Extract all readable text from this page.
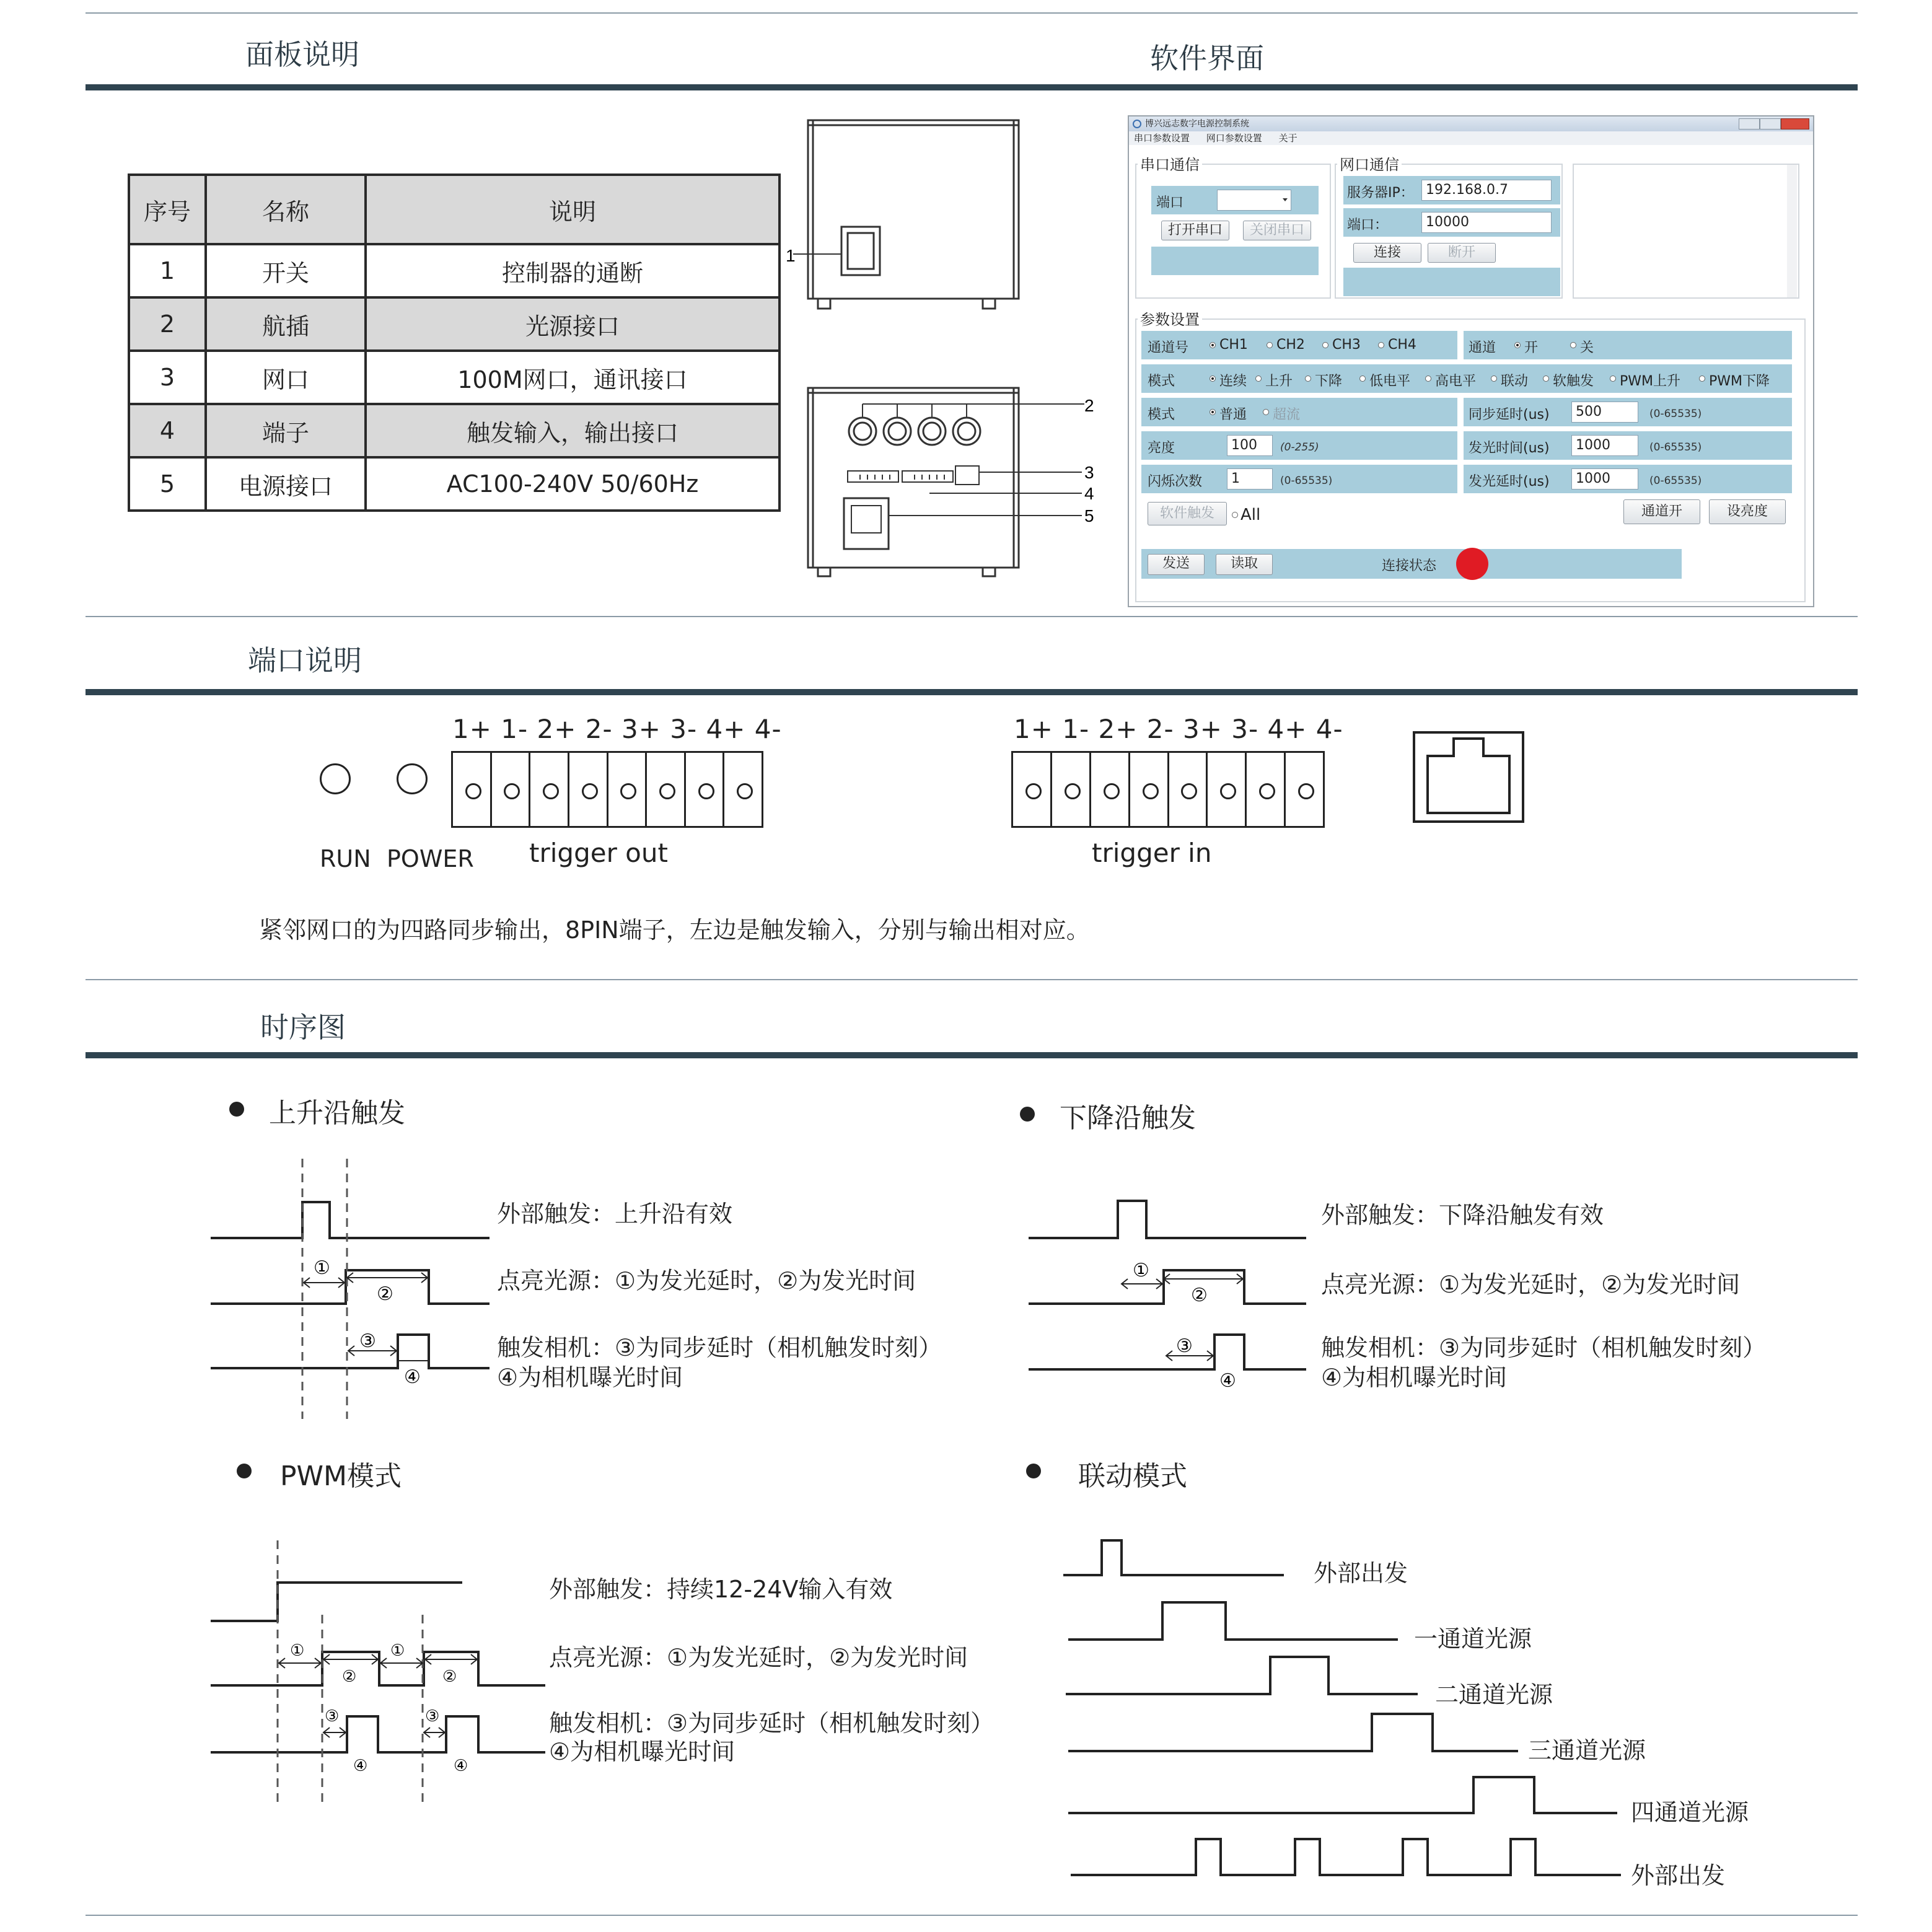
面板说明	软件界面
端口说明
时序图
序号	名称	说明
1	开关	控制器的通断
2	航插	光源接口
3	网口	100M网口，通讯接口
4	端子	触发输入，输出接口
5	电源接口	AC100-240V 50/60Hz
1
2
3
4
5
博兴远志数字电源控制系统
串口参数设置 网口参数设置 关于
串口通信
端口
打开串口	关闭串口
网口通信
服务器IP： 192.168.0.7
端口：	10000
连接	断开
参数设置
通道号 CH1 CH2 CH3 CH4	通道 开	关
模式	连续 上升 下降 低电平 高电平 联动 软触发 PWM上升 PWM下降
模式	普通 超流	同步延时(us)	500	(0-65535)
亮度	100	(0-255)	发光时间(us)	1000	(0-65535)
闪烁次数	1	(0-65535)	发光延时(us)	1000	(0-65535)
软件触发	All	通道开	设亮度
发送	读取	连接状态
RUN POWER
1+ 1- 2+ 2- 3+ 3- 4+ 4-
trigger out
1+ 1- 2+ 2- 3+ 3- 4+ 4-
trigger in
紧邻网口的为四路同步输出，8PIN端子，左边是触发输入，分别与输出相对应。
上升沿触发
①
②
③
④
外部触发：上升沿有效
点亮光源：①为发光延时，②为发光时间
触发相机：③为同步延时（相机触发时刻）
④为相机曝光时间
下降沿触发
①
②
③
④
外部触发：下降沿触发有效
点亮光源：①为发光延时，②为发光时间
触发相机：③为同步延时（相机触发时刻）
④为相机曝光时间
PWM模式
①
②
①
②
③	③
④	④
外部触发：持续12-24V输入有效
点亮光源：①为发光延时，②为发光时间
触发相机：③为同步延时（相机触发时刻）
④为相机曝光时间
联动模式
外部出发
一通道光源
二通道光源
三通道光源
四通道光源
外部出发
